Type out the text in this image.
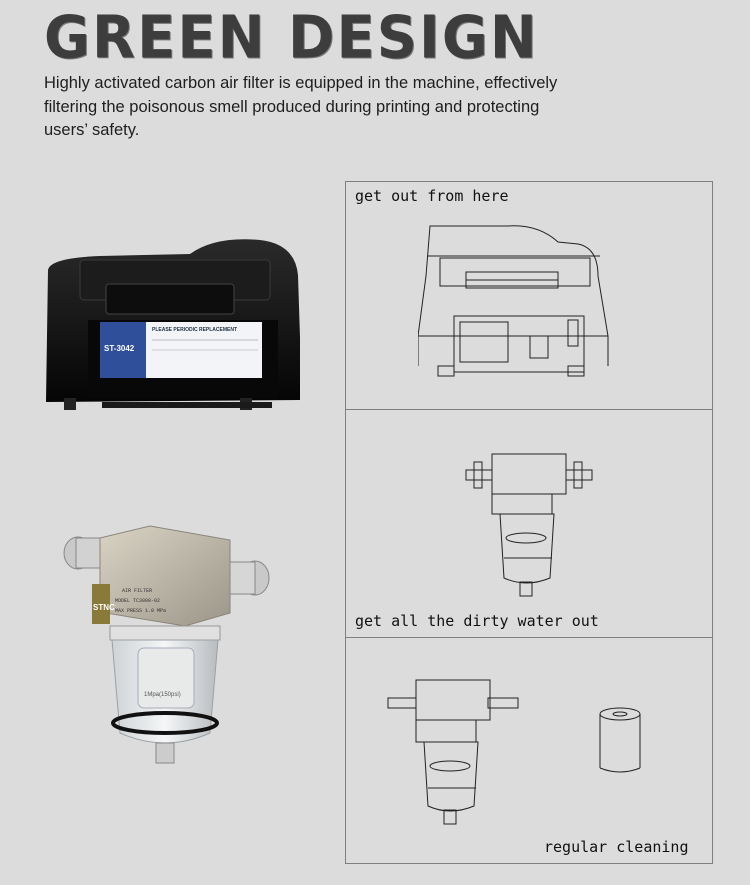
GREEN DESIGN
Highly activated carbon air filter is equipped in the machine, effectively filtering the poisonous smell produced during printing and protecting users’ safety.
ST-3042
PLEASE PERIODIC REPLACEMENT
STNC
AIR FILTER
MODEL TC3000-02
MAX PRESS 1.0 MPa
1Mpa(150psi)
get out from here
get all the dirty water out
regular cleaning
